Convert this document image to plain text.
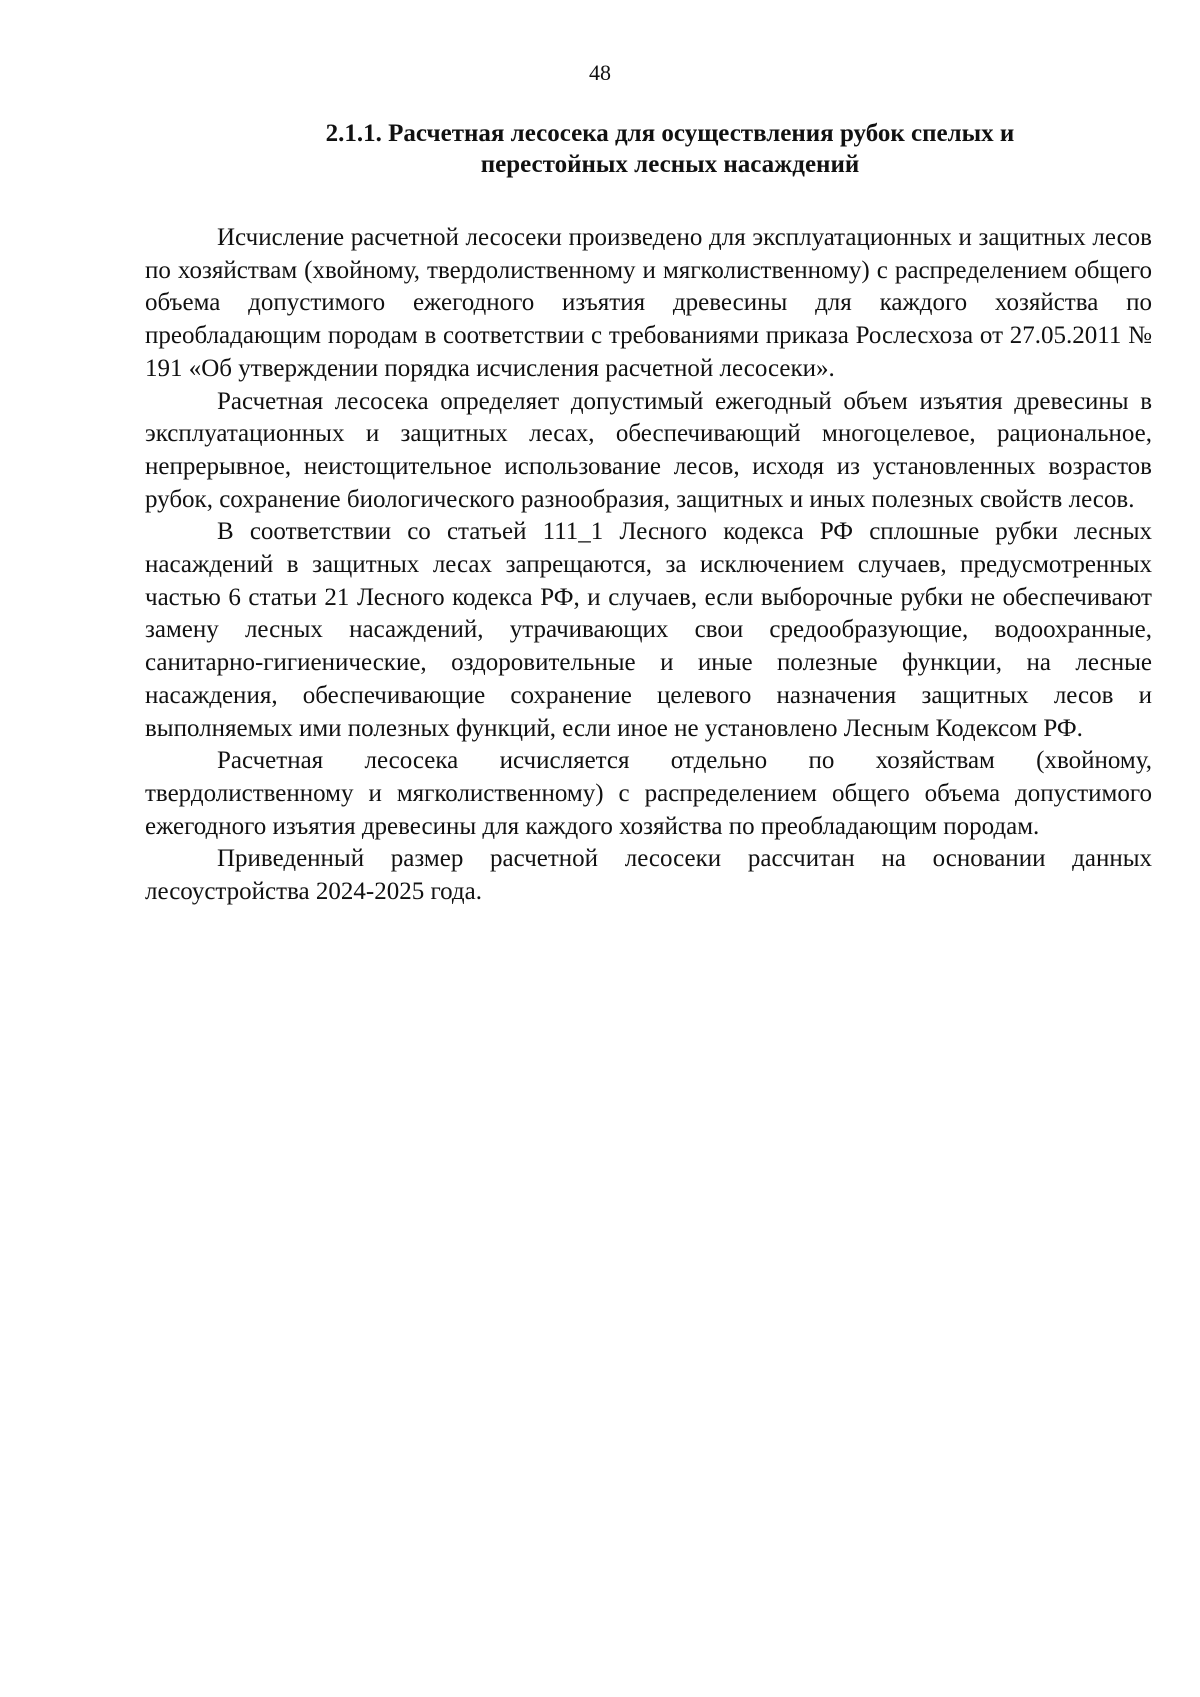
48
2.1.1. Расчетная лесосека для осуществления рубок спелых и
перестойных лесных насаждений

Исчисление расчетной лесосеки произведено для эксплуатационных и защитных лесов по хозяйствам (хвойному, твердолиственному и мягколиственному) с распределением общего объема допустимого ежегодного изъятия древесины для каждого хозяйства по преобладающим породам в соответствии с требованиями приказа Рослесхоза от 27.05.2011 № 191 «Об утверждении порядка исчисления расчетной лесосеки».

Расчетная лесосека определяет допустимый ежегодный объем изъятия древесины в эксплуатационных и защитных лесах, обеспечивающий многоцелевое, рациональное, непрерывное, неистощительное использование лесов, исходя из установленных возрастов рубок, сохранение биологического разнообразия, защитных и иных полезных свойств лесов.

В соответствии со статьей 111_1 Лесного кодекса РФ сплошные рубки лесных насаждений в защитных лесах запрещаются, за исключением случаев, предусмотренных частью 6 статьи 21 Лесного кодекса РФ, и случаев, если выборочные рубки не обеспечивают замену лесных насаждений, утрачивающих свои средообразующие, водоохранные, санитарно-гигиенические, оздоровительные и иные полезные функции, на лесные насаждения, обеспечивающие сохранение целевого назначения защитных лесов и выполняемых ими полезных функций, если иное не установлено Лесным Кодексом РФ.

Расчетная лесосека исчисляется отдельно по хозяйствам (хвойному, твердолиственному и мягколиственному) с распределением общего объема допустимого ежегодного изъятия древесины для каждого хозяйства по преобладающим породам.

Приведенный размер расчетной лесосеки рассчитан на основании данных лесоустройства 2024-2025 года.
